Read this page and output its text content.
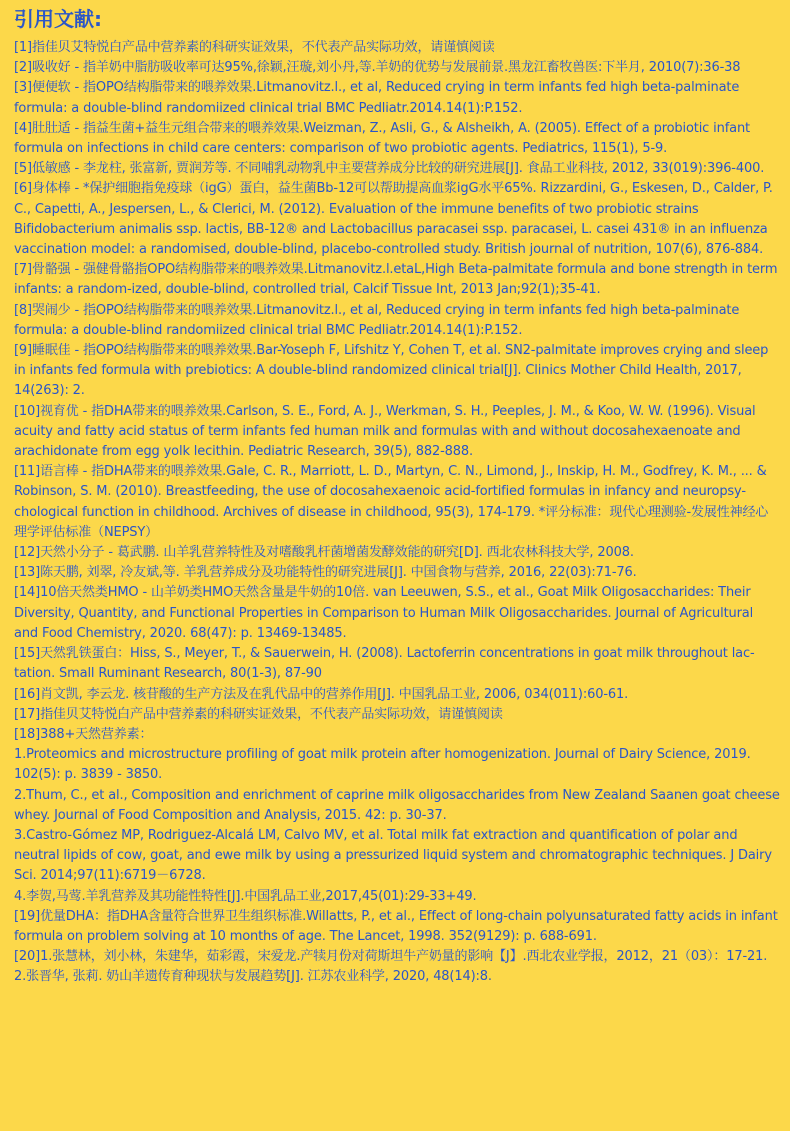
引用文献:
[1]指佳贝艾特悦白产品中营养素的科研实证效果，不代表产品实际功效，请谨慎阅读
[2]吸收好 - 指羊奶中脂肪吸收率可达95%,徐颖,汪璇,刘小丹,等.羊奶的优势与发展前景.黑龙江畜牧兽医:下半月, 2010(7):36-38
[3]便便软 - 指OPO结构脂带来的喂养效果.Litmanovitz.l., et al, Reduced crying in term infants fed high beta-palminate formula: a double-blind randomiized clinical trial BMC Pedliatr.2014.14(1):P.152.
[4]肚肚适 - 指益生菌+益生元组合带来的喂养效果.Weizman, Z., Asli, G., & Alsheikh, A. (2005). Effect of a probiotic infant formula on infections in child care centers: comparison of two probiotic agents. Pediatrics, 115(1), 5-9.
[5]低敏感 - 李龙柱, 张富新, 贾润芳等. 不同哺乳动物乳中主要营养成分比较的研究进展[J]. 食品工业科技, 2012, 33(019):396-400.
[6]身体棒 - *保护细胞指免疫球（igG）蛋白，益生菌Bb-12可以帮助提高血浆igG水平65%. Rizzardini, G., Eskesen, D., Calder, P. C., Capetti, A., Jespersen, L., & Clerici, M. (2012). Evaluation of the immune benefits of two probiotic strains Bifidobacterium animalis ssp. lactis, BB-12® and Lactobacillus paracasei ssp. paracasei, L. casei 431® in an influenza vaccination model: a randomised, double-blind, placebo-controlled study. British journal of nutrition, 107(6), 876-884.
[7]骨骼强 - 强健骨骼指OPO结构脂带来的喂养效果.Litmanovitz.l.etaL,High Beta-palmitate formula and bone strength in term infants: a random-ized, double-blind, controlled trial, Calcif Tissue Int, 2013 Jan;92(1);35-41.
[8]哭闹少 - 指OPO结构脂带来的喂养效果.Litmanovitz.l., et al, Reduced crying in term infants fed high beta-palminate formula: a double-blind randomiized clinical trial BMC Pedliatr.2014.14(1):P.152.
[9]睡眠佳 - 指OPO结构脂带来的喂养效果.Bar-Yoseph F, Lifshitz Y, Cohen T, et al. SN2-palmitate improves crying and sleep in infants fed formula with prebiotics: A double-blind randomized clinical trial[J]. Clinics Mother Child Health, 2017, 14(263): 2.
[10]视育优 - 指DHA带来的喂养效果.Carlson, S. E., Ford, A. J., Werkman, S. H., Peeples, J. M., & Koo, W. W. (1996). Visual acuity and fatty acid status of term infants fed human milk and formulas with and without docosahexaenoate and arachidonate from egg yolk lecithin. Pediatric Research, 39(5), 882-888.
[11]语言棒 - 指DHA带来的喂养效果.Gale, C. R., Marriott, L. D., Martyn, C. N., Limond, J., Inskip, H. M., Godfrey, K. M., ... & Robinson, S. M. (2010). Breastfeeding, the use of docosahexaenoic acid-fortified formulas in infancy and neuropsy-chological function in childhood. Archives of disease in childhood, 95(3), 174-179. *评分标准：现代心理测验-发展性神经心理学评估标准（NEPSY）
[12]天然小分子 - 葛武鹏. 山羊乳营养特性及对嗜酸乳杆菌增菌发酵效能的研究[D]. 西北农林科技大学, 2008.
[13]陈天鹏, 刘翠, 冷友斌,等. 羊乳营养成分及功能特性的研究进展[J]. 中国食物与营养, 2016, 22(03):71-76.
[14]10倍天然类HMO - 山羊奶类HMO天然含量是牛奶的10倍. van Leeuwen, S.S., et al., Goat Milk Oligosaccharides: Their Diversity, Quantity, and Functional Properties in Comparison to Human Milk Oligosaccharides. Journal of Agricultural and Food Chemistry, 2020. 68(47): p. 13469-13485.
[15]天然乳铁蛋白：Hiss, S., Meyer, T., & Sauerwein, H. (2008). Lactoferrin concentrations in goat milk throughout lac-tation. Small Ruminant Research, 80(1-3), 87-90
[16]肖文凯, 李云龙. 核苷酸的生产方法及在乳代品中的营养作用[J]. 中国乳品工业, 2006, 034(011):60-61.
[17]指佳贝艾特悦白产品中营养素的科研实证效果，不代表产品实际功效，请谨慎阅读
[18]388+天然营养素：
1.Proteomics and microstructure profiling of goat milk protein after homogenization. Journal of Dairy Science, 2019. 102(5): p. 3839 - 3850.
2.Thum, C., et al., Composition and enrichment of caprine milk oligosaccharides from New Zealand Saanen goat cheese whey. Journal of Food Composition and Analysis, 2015. 42: p. 30-37.
3.Castro-Gómez MP, Rodriguez-Alcalá LM, Calvo MV, et al. Total milk fat extraction and quantification of polar and neutral lipids of cow, goat, and ewe milk by using a pressurized liquid system and chromatographic techniques. J Dairy Sci. 2014;97(11):6719－6728.
4.李贺,马莺.羊乳营养及其功能性特性[J].中国乳品工业,2017,45(01):29-33+49.
[19]优量DHA：指DHA含量符合世界卫生组织标准.Willatts, P., et al., Effect of long-chain polyunsaturated fatty acids in infant formula on problem solving at 10 months of age. The Lancet, 1998. 352(9129): p. 688-691.
[20]1.张慧林，刘小林，朱建华，茹彩霞，宋爱龙.产犊月份对荷斯坦牛产奶量的影响【J】.西北农业学报，2012，21（03）：17-21.
2.张晋华, 张莉. 奶山羊遗传育种现状与发展趋势[J]. 江苏农业科学, 2020, 48(14):8.
